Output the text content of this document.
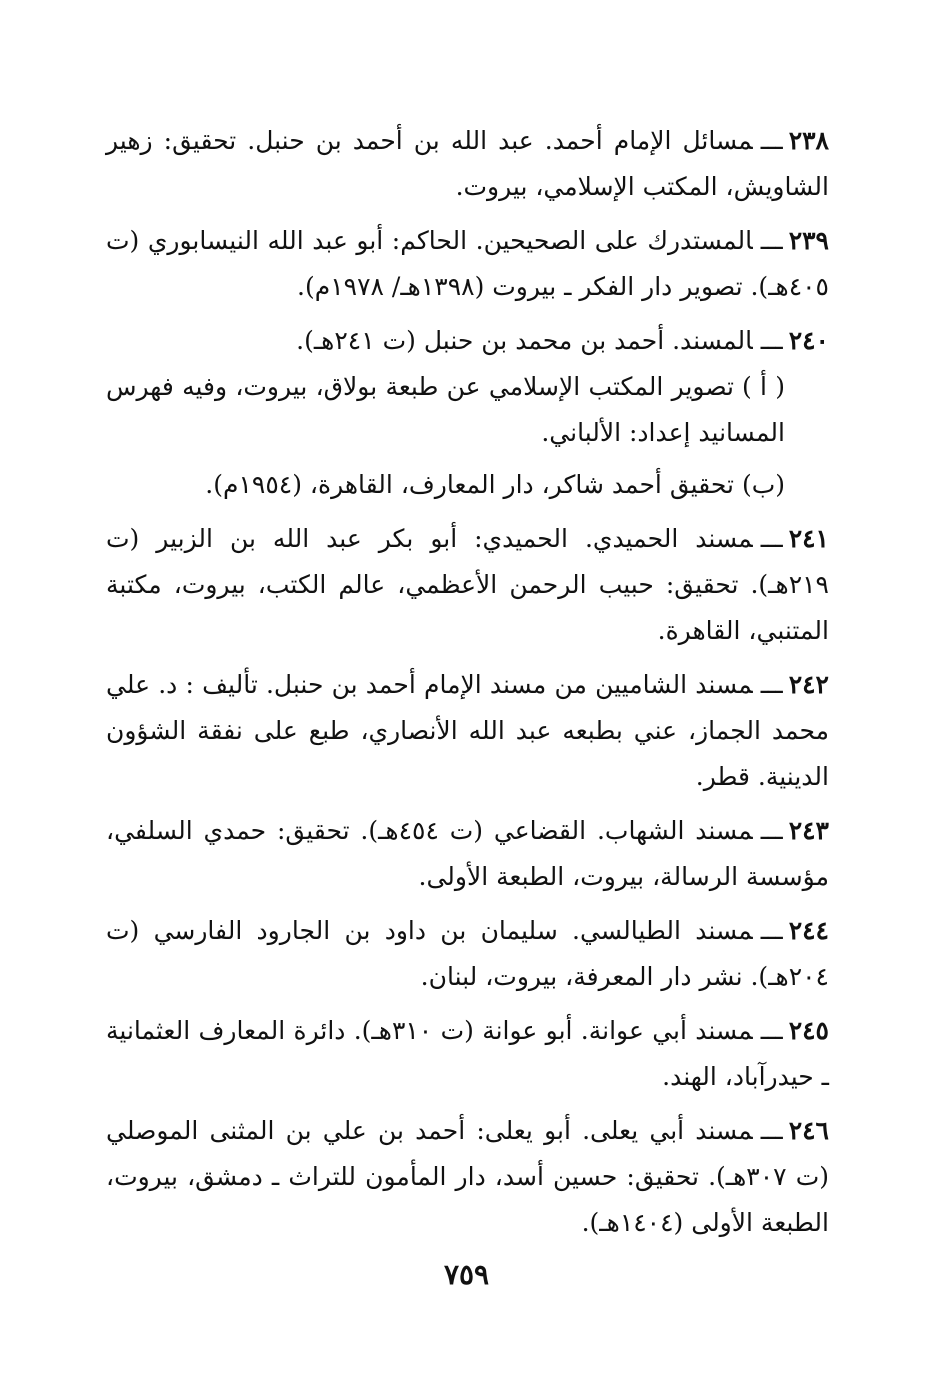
٢٣٨ـــمسائل الإمام أحمد. عبد الله بن أحمد بن حنبل. تحقيق: زهير الشاويش، المكتب الإسلامي، بيروت.
٢٣٩ـــالمستدرك على الصحيحين. الحاكم: أبو عبد الله النيسابوري (ت ٤٠٥هـ). تصوير دار الفكر ـ بيروت (١٣٩٨هـ/ ١٩٧٨م).
٢٤٠ـــالمسند. أحمد بن محمد بن حنبل (ت ٢٤١هـ).
( أ )تصوير المكتب الإسلامي عن طبعة بولاق، بيروت، وفيه فهرس المسانيد إعداد: الألباني.
(ب)تحقيق أحمد شاكر، دار المعارف، القاهرة، (١٩٥٤م).
٢٤١ـــمسند الحميدي. الحميدي: أبو بكر عبد الله بن الزبير (ت ٢١٩هـ). تحقيق: حبيب الرحمن الأعظمي، عالم الكتب، بيروت، مكتبة المتنبي، القاهرة.
٢٤٢ـــمسند الشاميين من مسند الإمام أحمد بن حنبل. تأليف : د. علي محمد الجماز، عني بطبعه عبد الله الأنصاري، طبع على نفقة الشؤون الدينية. قطر.
٢٤٣ـــمسند الشهاب. القضاعي (ت ٤٥٤هـ). تحقيق: حمدي السلفي، مؤسسة الرسالة، بيروت، الطبعة الأولى.
٢٤٤ـــمسند الطيالسي. سليمان بن داود بن الجارود الفارسي (ت ٢٠٤هـ). نشر دار المعرفة، بيروت، لبنان.
٢٤٥ـــمسند أبي عوانة. أبو عوانة (ت ٣١٠هـ). دائرة المعارف العثمانية ـ حيدرآباد، الهند.
٢٤٦ـــمسند أبي يعلى. أبو يعلى: أحمد بن علي بن المثنى الموصلي (ت ٣٠٧هـ). تحقيق: حسين أسد، دار المأمون للتراث ـ دمشق، بيروت، الطبعة الأولى (١٤٠٤هـ).
٧٥٩
